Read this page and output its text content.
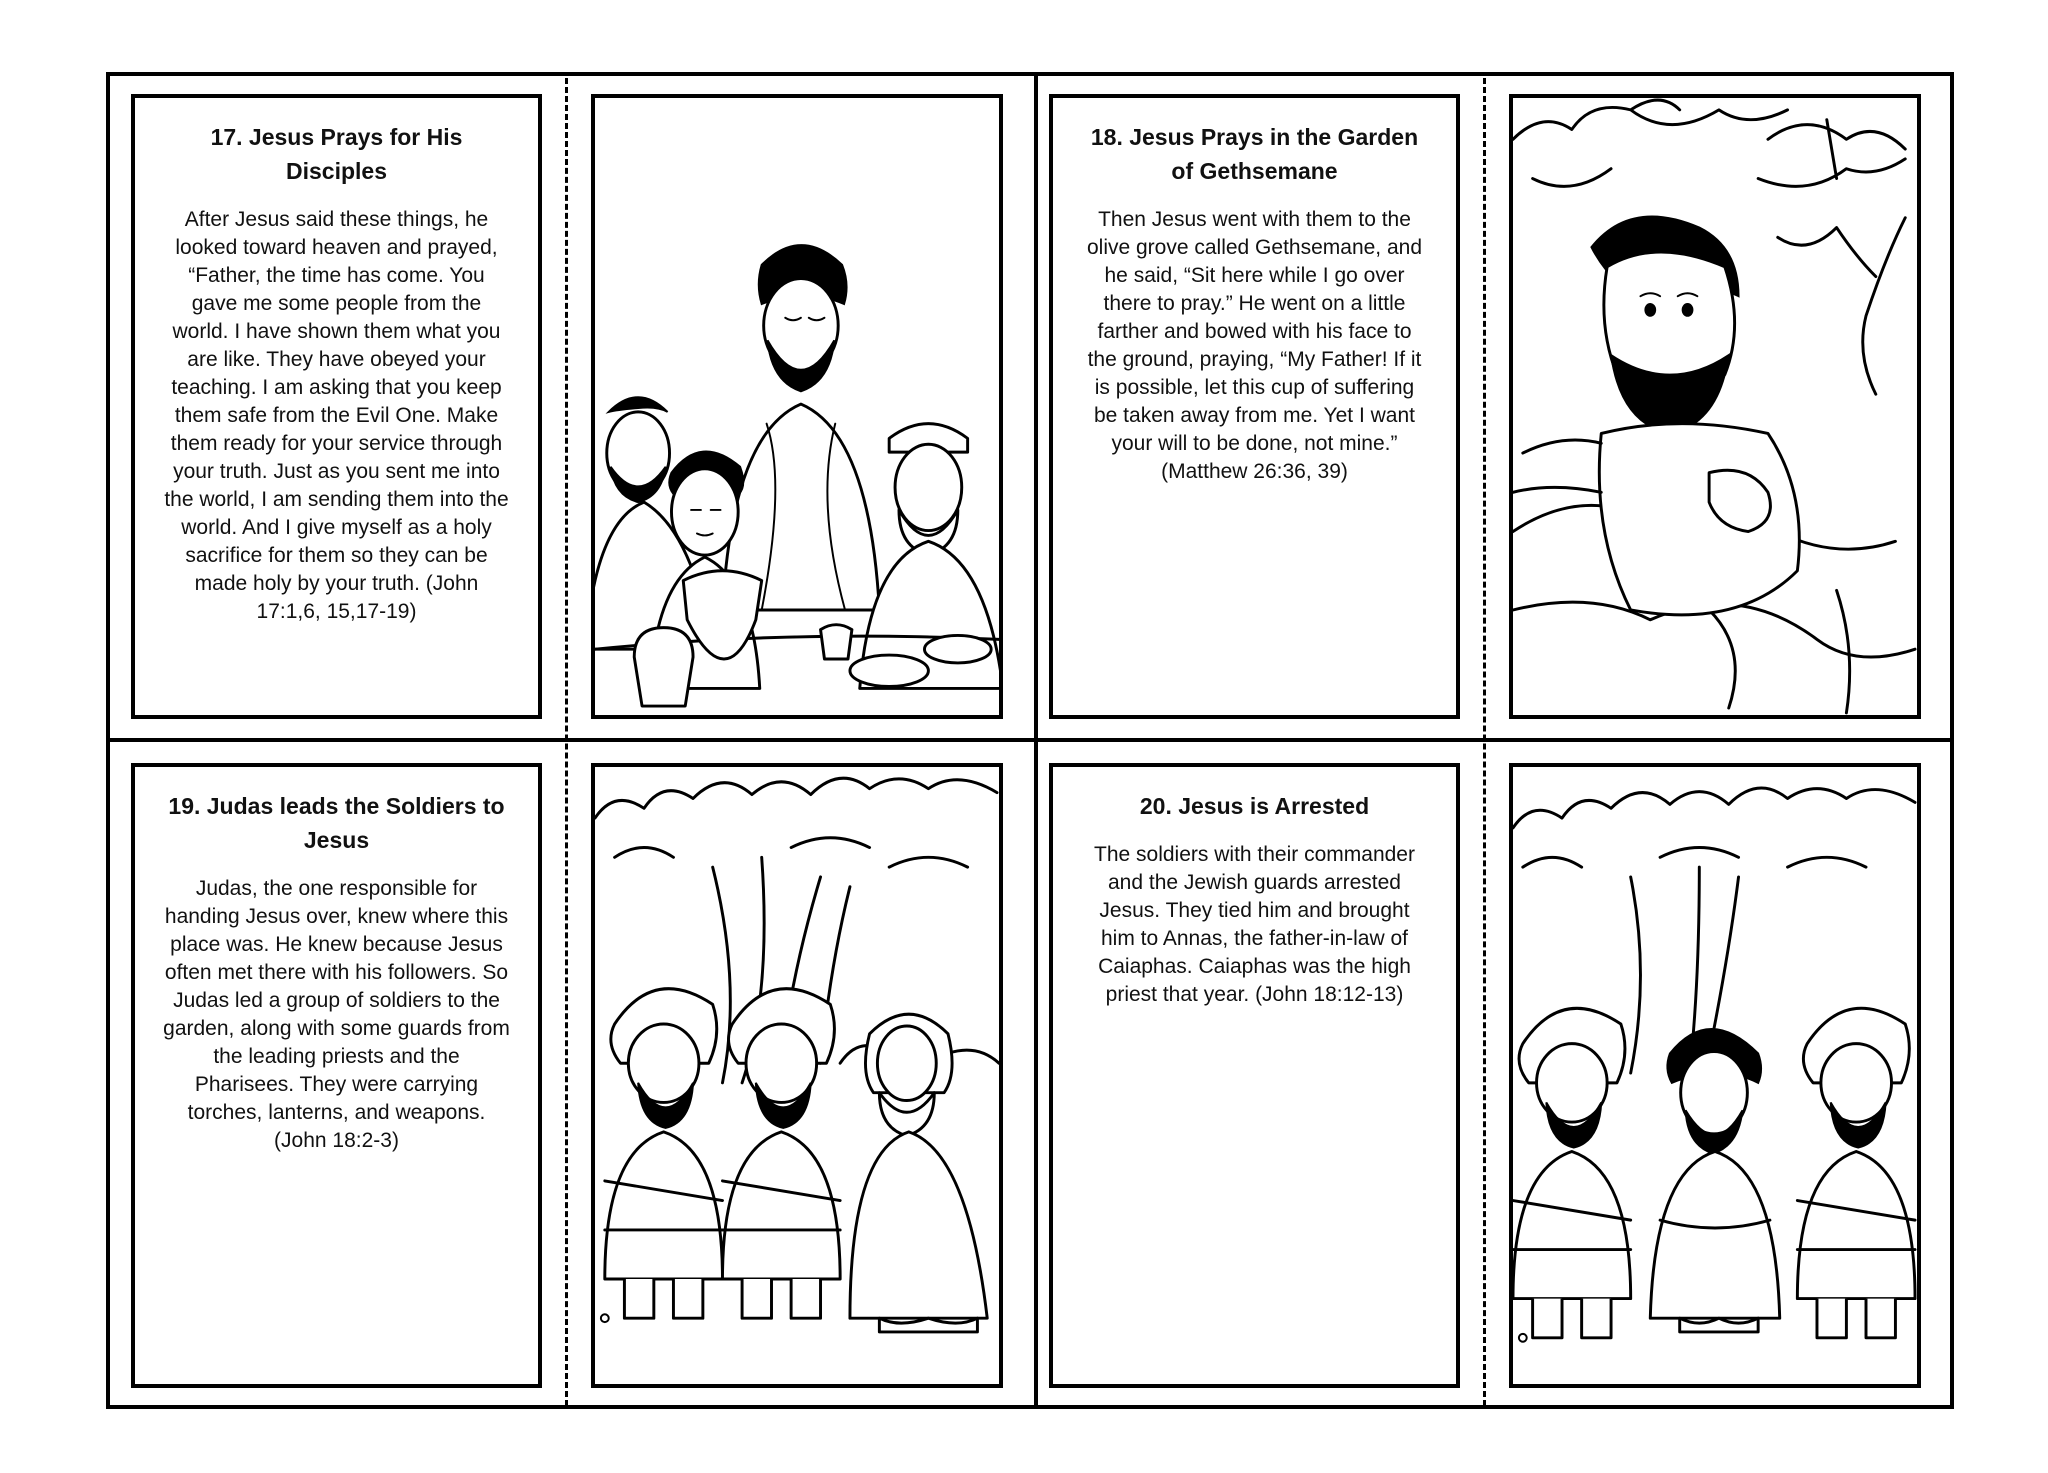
17. Jesus Prays for His Disciples

After Jesus said these things, he looked toward heaven and prayed, “Father, the time has come. You gave me some people from the world. I have shown them what you are like. They have obeyed your teaching. I am asking that you keep them safe from the Evil One. Make them ready for your service through your truth. Just as you sent me into the world, I am sending them into the world. And I give myself as a holy sacrifice for them so they can be made holy by your truth. (John 17:1,6, 15,17-19)

18. Jesus Prays in the Garden of Gethsemane

Then Jesus went with them to the olive grove called Gethsemane, and he said, “Sit here while I go over there to pray.” He went on a little farther and bowed with his face to the ground, praying, “My Father! If it is possible, let this cup of suffering be taken away from me. Yet I want your will to be done, not mine.” (Matthew 26:36, 39)

19. Judas leads the Soldiers to Jesus

Judas, the one responsible for handing Jesus over, knew where this place was. He knew because Jesus often met there with his followers. So Judas led a group of soldiers to the garden, along with some guards from the leading priests and the Pharisees. They were carrying torches, lanterns, and weapons. (John 18:2-3)

20. Jesus is Arrested

The soldiers with their commander and the Jewish guards arrested Jesus. They tied him and brought him to Annas, the father-in-law of Caiaphas. Caiaphas was the high priest that year. (John 18:12-13)
